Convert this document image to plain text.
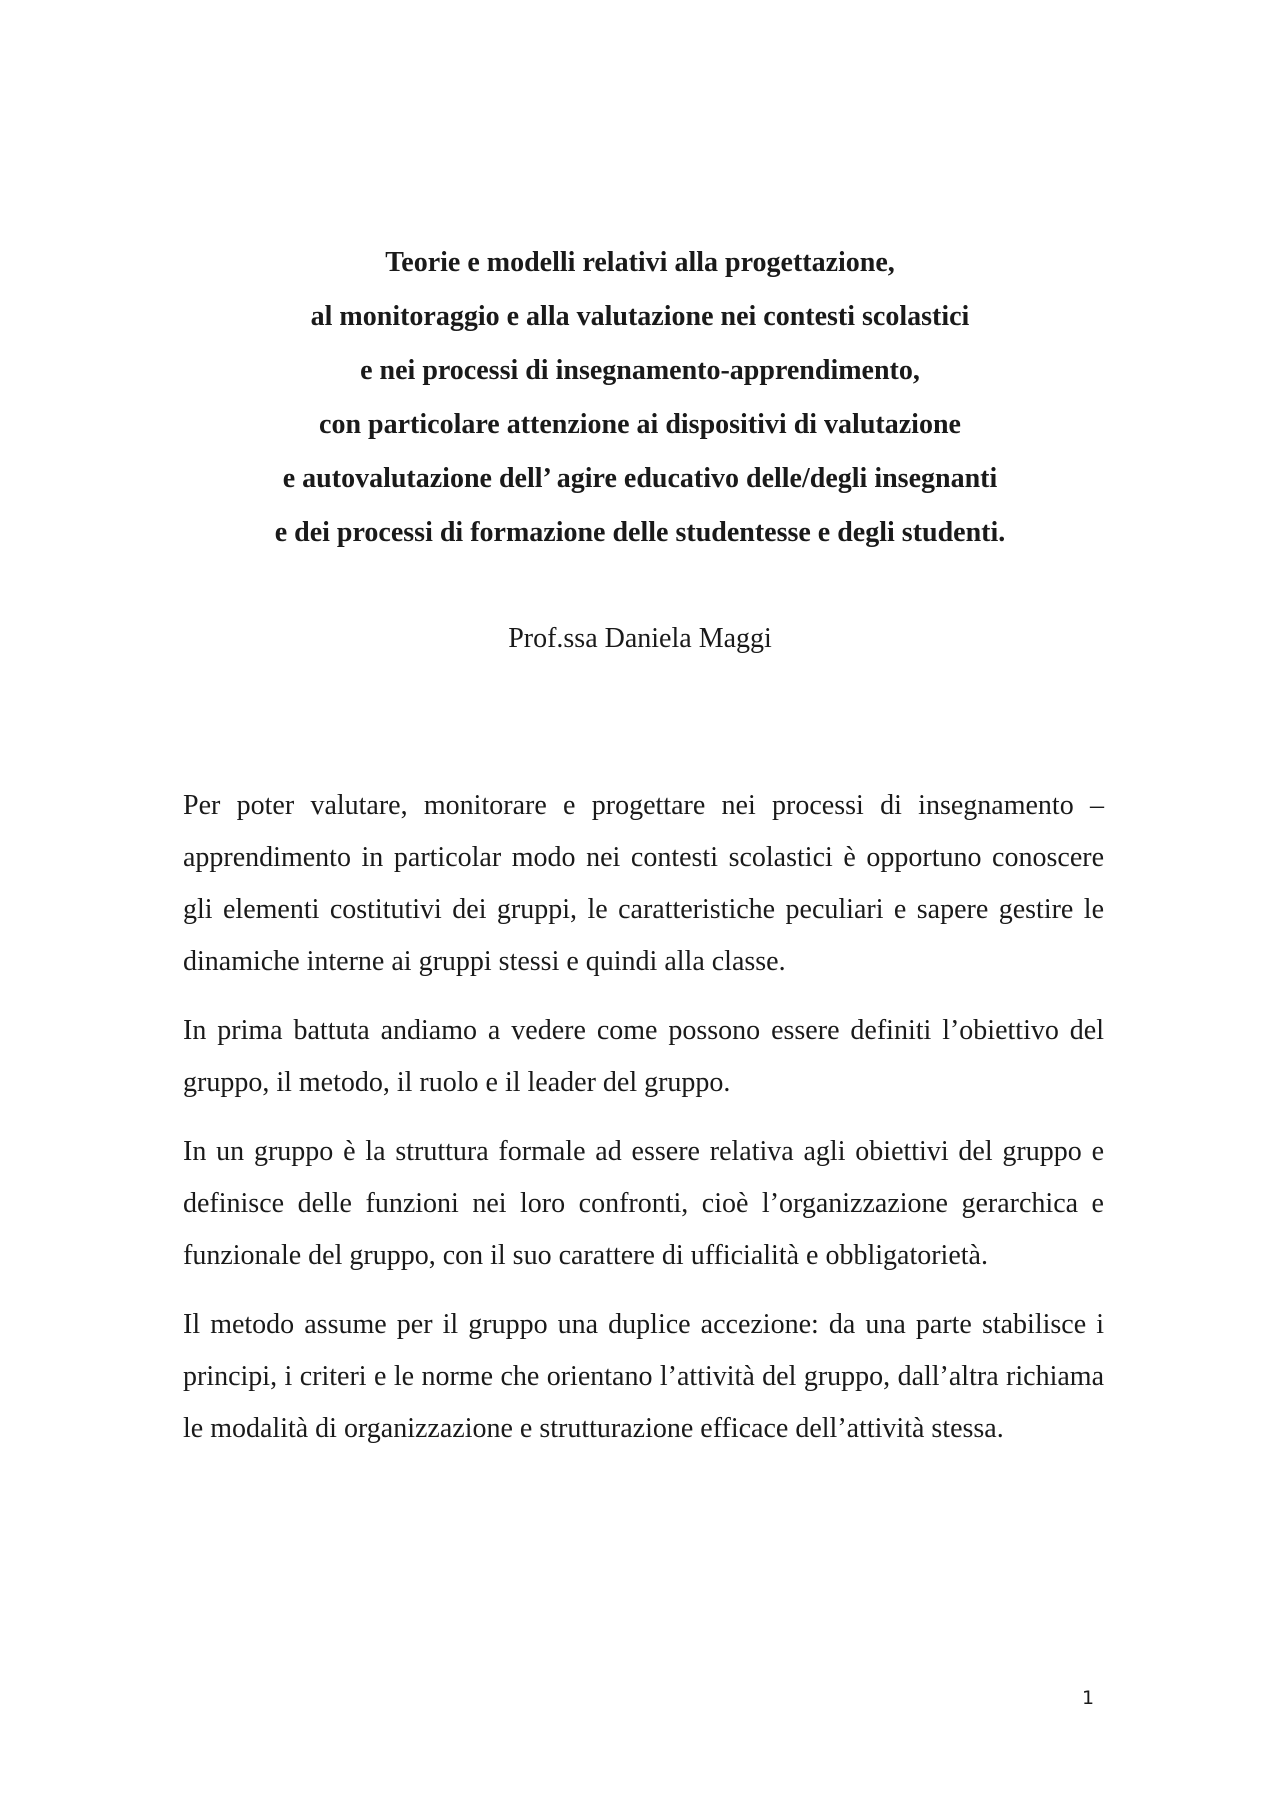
Teorie e modelli relativi alla progettazione,
al monitoraggio e alla valutazione nei contesti scolastici
e nei processi di insegnamento-apprendimento,
con particolare attenzione ai dispositivi di valutazione
e autovalutazione dell’ agire educativo delle/degli insegnanti
e dei processi di formazione delle studentesse e degli studenti.
Prof.ssa Daniela Maggi

Per poter valutare, monitorare e progettare nei processi di insegnamento – apprendimento in particolar modo nei contesti scolastici è opportuno conoscere gli elementi costitutivi dei gruppi, le caratteristiche peculiari e sapere gestire le dinamiche interne ai gruppi stessi e quindi alla classe.

In prima battuta andiamo a vedere come possono essere definiti l’obiettivo del gruppo, il metodo, il ruolo e il leader del gruppo.

In un gruppo è la struttura formale ad essere relativa agli obiettivi del gruppo e definisce delle funzioni nei loro confronti, cioè l’organizzazione gerarchica e funzionale del gruppo, con il suo carattere di ufficialità e obbligatorietà.

Il metodo assume per il gruppo una duplice accezione: da una parte stabilisce i principi, i criteri e le norme che orientano l’attività del gruppo, dall’altra richiama le modalità di organizzazione e strutturazione efficace dell’attività stessa.

1
